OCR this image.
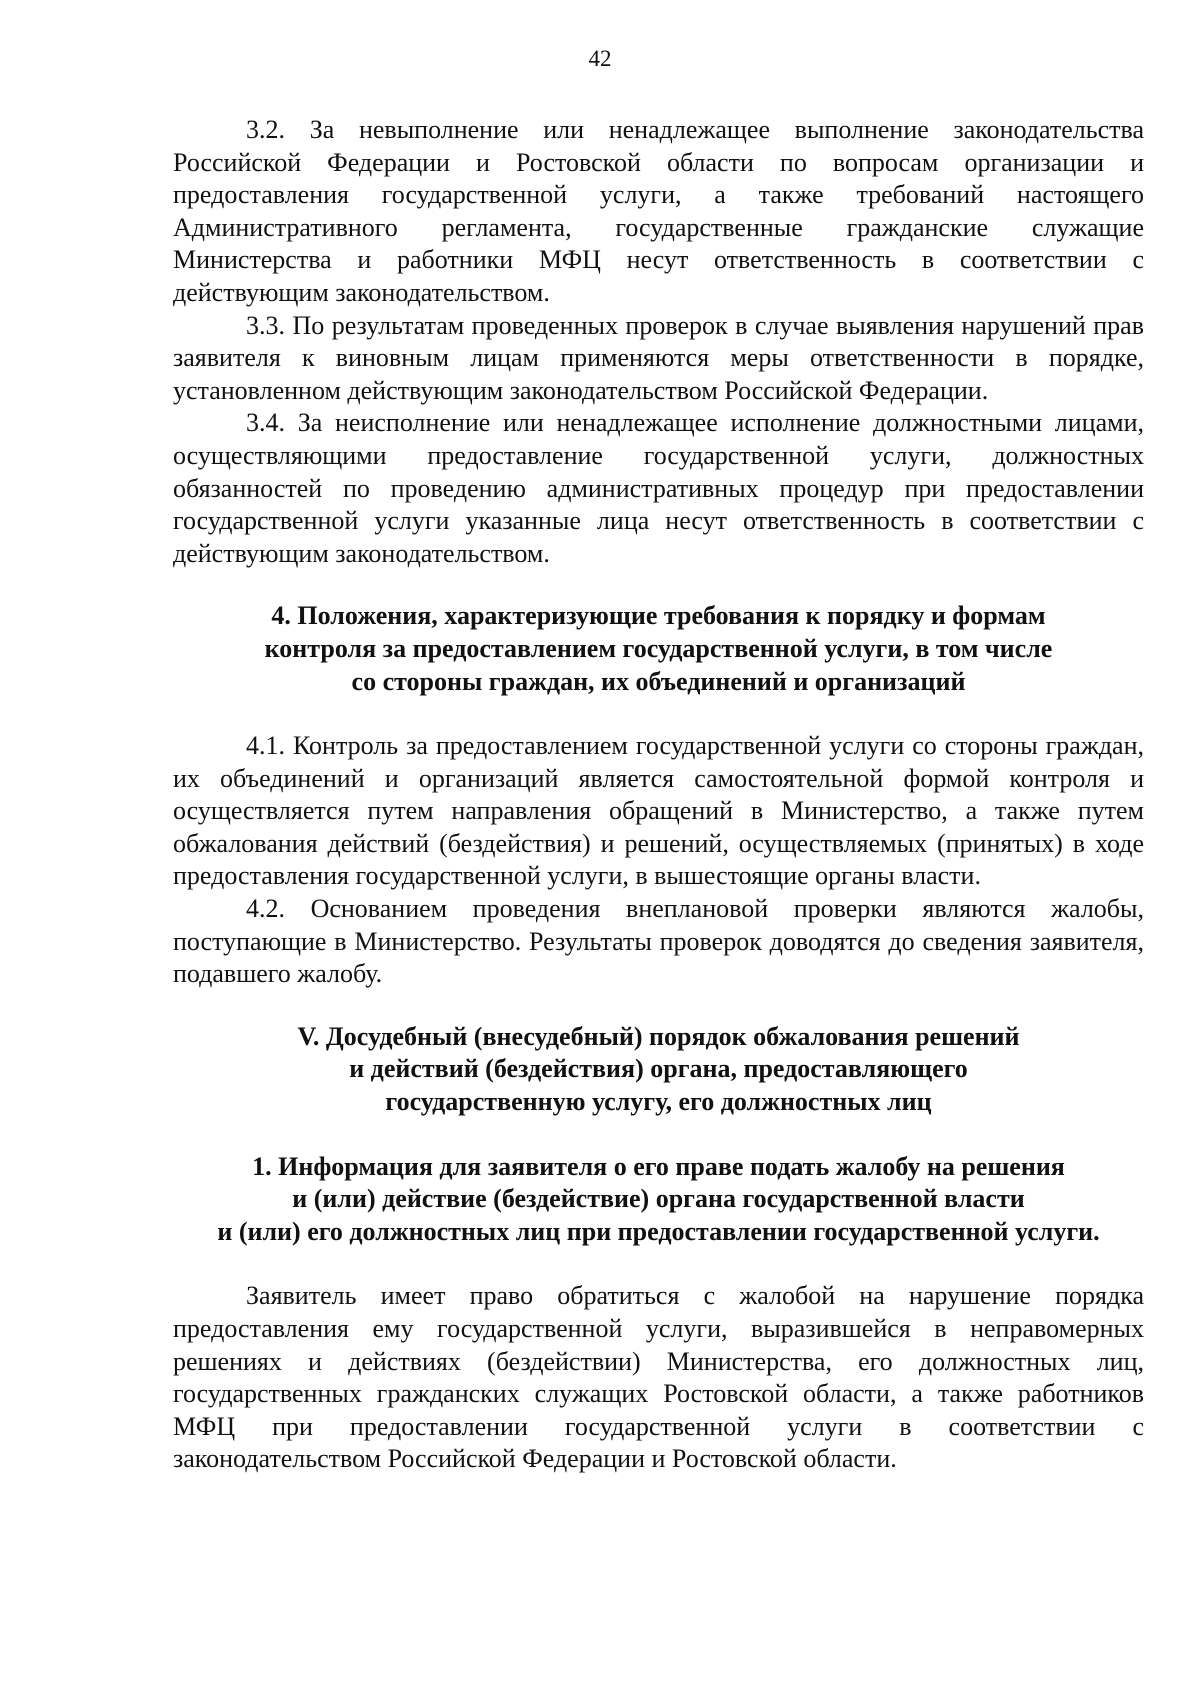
42

3.2. За невыполнение или ненадлежащее выполнение законодательства Российской Федерации и Ростовской области по вопросам организации и предоставления государственной услуги, а также требований настоящего Административного регламента, государственные гражданские служащие Министерства и работники МФЦ несут ответственность в соответствии с действующим законодательством.

3.3. По результатам проведенных проверок в случае выявления нарушений прав заявителя к виновным лицам применяются меры ответственности в порядке, установленном действующим законодательством Российской Федерации.

3.4. За неисполнение или ненадлежащее исполнение должностными лицами, осуществляющими предоставление государственной услуги, должностных обязанностей по проведению административных процедур при предоставлении государственной услуги указанные лица несут ответственность в соответствии с действующим законодательством.

4. Положения, характеризующие требования к порядку и формам
контроля за предоставлением государственной услуги, в том числе
со стороны граждан, их объединений и организаций

4.1. Контроль за предоставлением государственной услуги со стороны граждан, их объединений и организаций является самостоятельной формой контроля и осуществляется путем направления обращений в Министерство, а также путем обжалования действий (бездействия) и решений, осуществляемых (принятых) в ходе предоставления государственной услуги, в вышестоящие органы власти.

4.2. Основанием проведения внеплановой проверки являются жалобы, поступающие в Министерство. Результаты проверок доводятся до сведения заявителя, подавшего жалобу.

V. Досудебный (внесудебный) порядок обжалования решений
и действий (бездействия) органа, предоставляющего
государственную услугу, его должностных лиц
1. Информация для заявителя о его праве подать жалобу на решения
и (или) действие (бездействие) органа государственной власти
и (или) его должностных лиц при предоставлении государственной услуги.

Заявитель имеет право обратиться с жалобой на нарушение порядка предоставления ему государственной услуги, выразившейся в неправомерных решениях и действиях (бездействии) Министерства, его должностных лиц, государственных гражданских служащих Ростовской области, а также работников МФЦ при предоставлении государственной услуги в соответствии с законодательством Российской Федерации и Ростовской области.
